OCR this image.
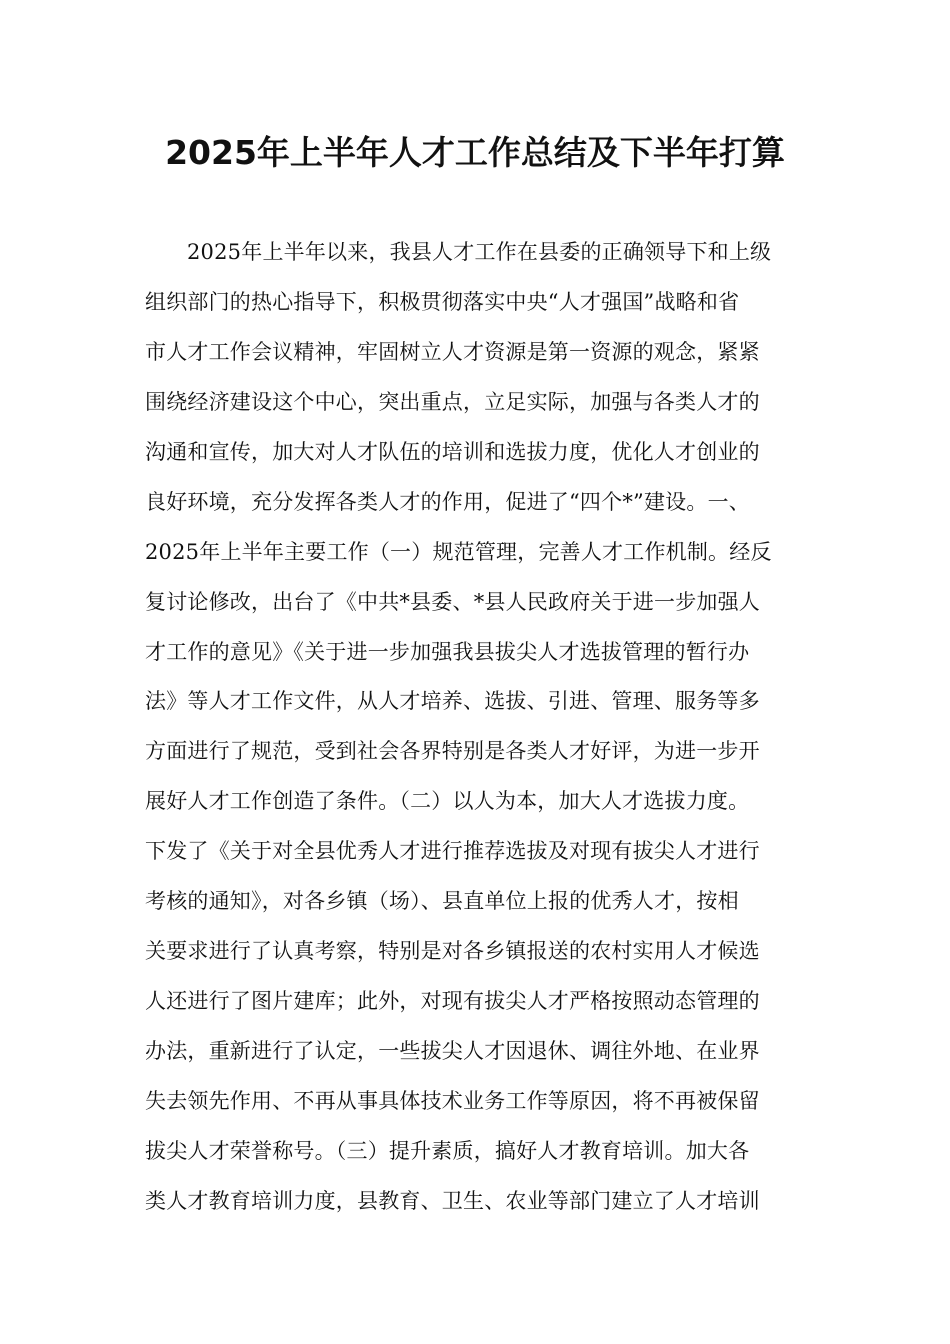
2025年上半年人才工作总结及下半年打算
2025年上半年以来，我县人才工作在县委的正确领导下和上级
组织部门的热心指导下，积极贯彻落实中央“人才强国”战略和省
市人才工作会议精神，牢固树立人才资源是第一资源的观念，紧紧
围绕经济建设这个中心，突出重点，立足实际，加强与各类人才的
沟通和宣传，加大对人才队伍的培训和选拔力度，优化人才创业的
良好环境，充分发挥各类人才的作用，促进了“四个*”建设。一、
2025年上半年主要工作（一）规范管理，完善人才工作机制。经反
复讨论修改，出台了《中共*县委、*县人民政府关于进一步加强人
才工作的意见》《关于进一步加强我县拔尖人才选拔管理的暂行办
法》等人才工作文件，从人才培养、选拔、引进、管理、服务等多
方面进行了规范，受到社会各界特别是各类人才好评，为进一步开
展好人才工作创造了条件。（二）以人为本，加大人才选拔力度。
下发了《关于对全县优秀人才进行推荐选拔及对现有拔尖人才进行
考核的通知》，对各乡镇（场）、县直单位上报的优秀人才，按相
关要求进行了认真考察，特别是对各乡镇报送的农村实用人才候选
人还进行了图片建库；此外，对现有拔尖人才严格按照动态管理的
办法，重新进行了认定，一些拔尖人才因退休、调往外地、在业界
失去领先作用、不再从事具体技术业务工作等原因，将不再被保留
拔尖人才荣誉称号。（三）提升素质，搞好人才教育培训。加大各
类人才教育培训力度，县教育、卫生、农业等部门建立了人才培训
